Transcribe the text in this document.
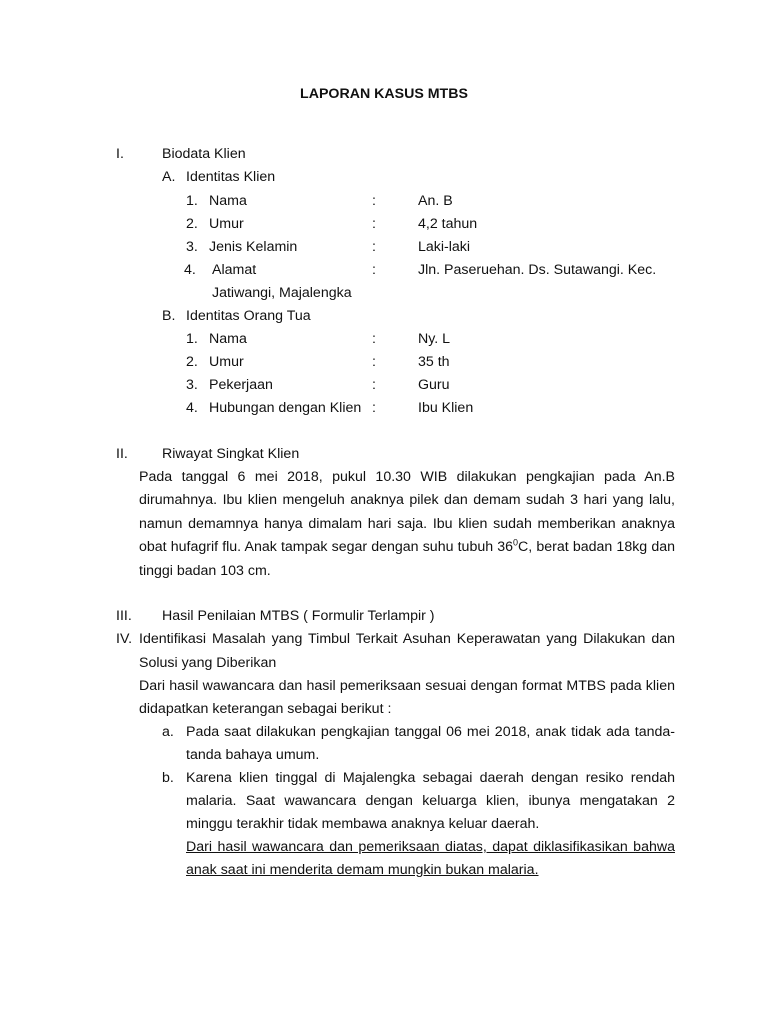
LAPORAN KASUS MTBS
I.	Biodata Klien
A. Identitas Klien
1. Nama	:	An. B
2. Umur	:	4,2 tahun
3. Jenis Kelamin	:	Laki-laki
4. Alamat	:	Jln. Paseruehan. Ds. Sutawangi. Kec.
Jatiwangi, Majalengka
B. Identitas Orang Tua
1. Nama	:	Ny. L
2. Umur	:	35 th
3. Pekerjaan	:	Guru
4. Hubungan dengan Klien :	Ibu Klien
II. Riwayat Singkat Klien
Pada tanggal 6 mei 2018, pukul 10.30 WIB dilakukan pengkajian pada An.B
dirumahnya. Ibu klien mengeluh anaknya pilek dan demam sudah 3 hari yang lalu,
namun demamnya hanya dimalam hari saja. Ibu klien sudah memberikan anaknya
obat hufagrif flu. Anak tampak segar dengan suhu tubuh $36^0C$, berat badan 18kg dan
tinggi badan 103 cm.
III. Hasil Penilaian MTBS ( Formulir Terlampir )
IV. Identifikasi Masalah yang Timbul Terkait Asuhan Keperawatan yang Dilakukan dan
Solusi yang Diberikan
Dari hasil wawancara dan hasil pemeriksaan sesuai dengan format MTBS pada klien
didapatkan keterangan sebagai berikut :
a. Pada saat dilakukan pengkajian tanggal 06 mei 2018, anak tidak ada tanda-
tanda bahaya umum.
b. Karena klien tinggal di Majalengka sebagai daerah dengan resiko rendah
malaria. Saat wawancara dengan keluarga klien, ibunya mengatakan 2
minggu terakhir tidak membawa anaknya keluar daerah.
Dari hasil wawancara dan pemeriksaan diatas, dapat diklasifikasikan bahwa
anak saat ini menderita demam mungkin bukan malaria.
